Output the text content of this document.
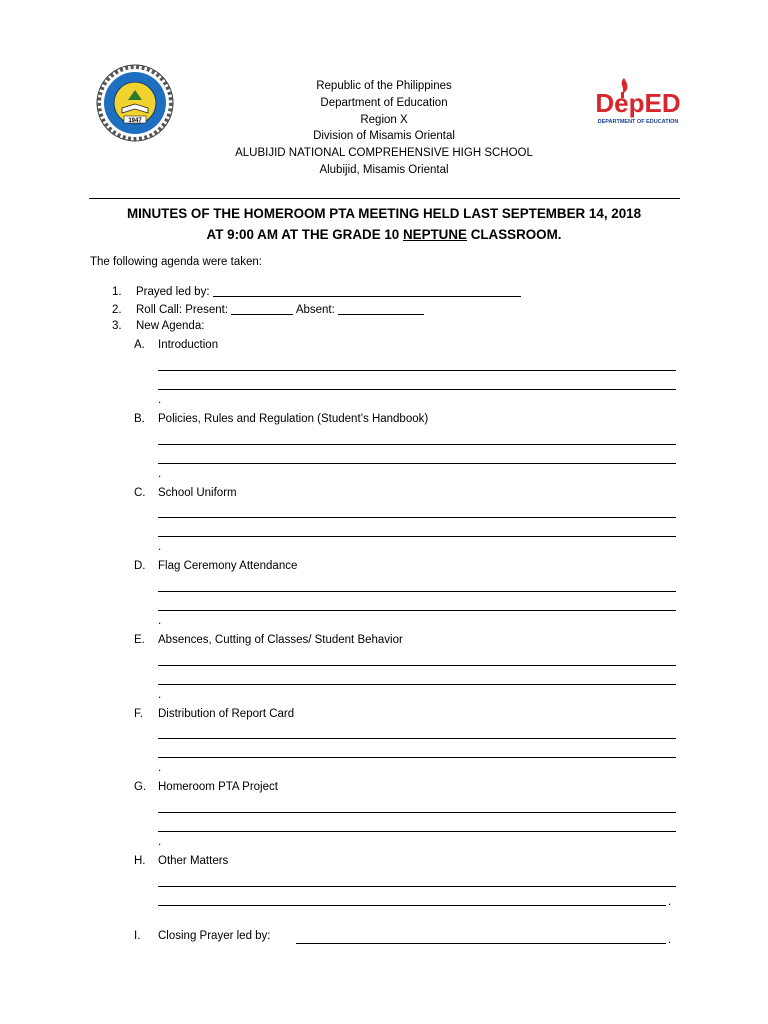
1947
DepED
DEPARTMENT OF EDUCATION
Republic of the Philippines
Department of Education
Region X
Division of Misamis Oriental
ALUBIJID NATIONAL COMPREHENSIVE HIGH SCHOOL
Alubijid, Misamis Oriental
MINUTES OF THE HOMEROOM PTA MEETING HELD LAST SEPTEMBER 14, 2018
AT 9:00 AM AT THE GRADE 10 NEPTUNE CLASSROOM.
The following agenda were taken:
1. Prayed led by:
2. Roll Call: Present:	Absent:
3. New Agenda:
A. Introduction
.
B. Policies, Rules and Regulation (Student’s Handbook)
.
C. School Uniform
.
D. Flag Ceremony Attendance
.
E. Absences, Cutting of Classes/ Student Behavior
.
F. Distribution of Report Card
.
G. Homeroom PTA Project
.
H. Other Matters
.
I. Closing Prayer led by:	.
